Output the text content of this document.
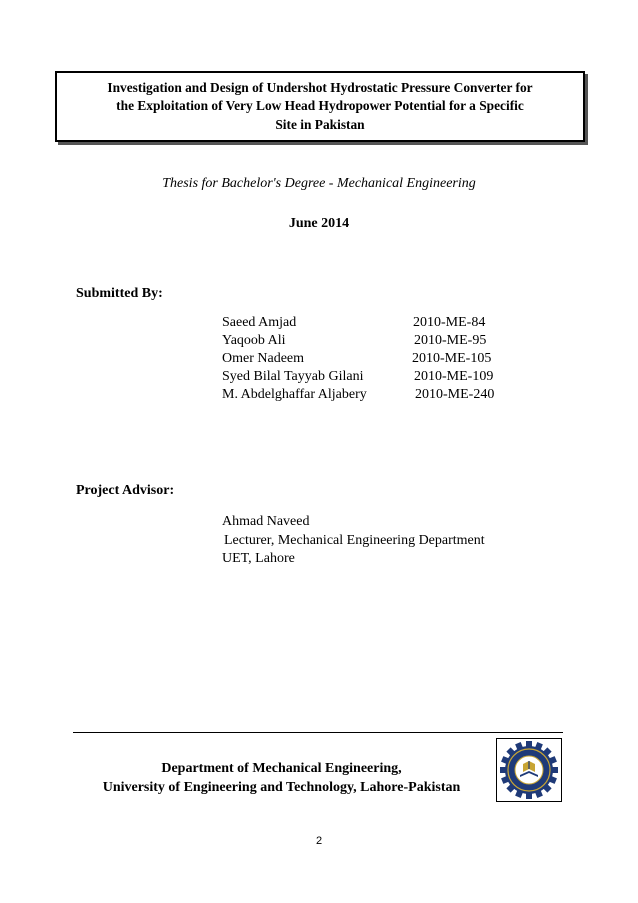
Investigation and Design of Undershot Hydrostatic Pressure Converter for
the Exploitation of Very Low Head Hydropower Potential for a Specific
Site in Pakistan
Thesis for Bachelor's Degree - Mechanical Engineering
June 2014
Submitted By:
Saeed Amjad	2010-ME-84
Yaqoob Ali	2010-ME-95
Omer Nadeem	2010-ME-105
Syed Bilal Tayyab Gilani	2010-ME-109
M. Abdelghaffar Aljabery	2010-ME-240
Project Advisor:
Ahmad Naveed
Lecturer, Mechanical Engineering Department
UET, Lahore
Department of Mechanical Engineering,
University of Engineering and Technology, Lahore-Pakistan
2
